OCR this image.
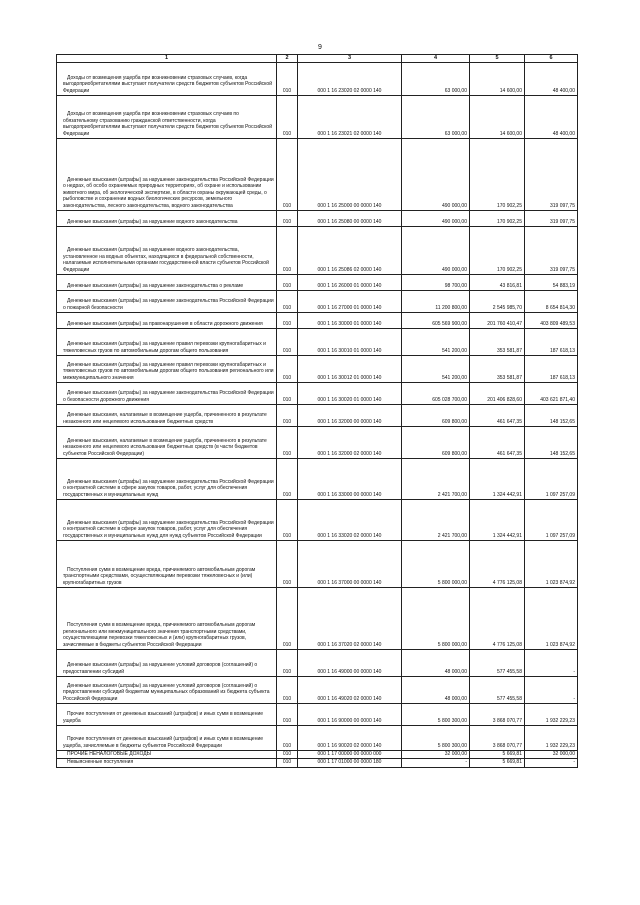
9
1	2	3	4	5	6

Доходы от возмещения ущерба при возникновении страховых случаев, когда выгодоприобретателями выступают получатели средств бюджетов субъектов Российской Федерации	010	000 1 16 23020 02 0000 140	63 000,00	14 600,00	48 400,00

Доходы от возмещения ущерба при возникновении страховых случаев по обязательному страхованию гражданской ответственности, когда выгодоприобретателями выступают получатели средств бюджетов субъектов Российской Федерации	010	000 1 16 23021 02 0000 140	63 000,00	14 600,00	48 400,00

Денежные взыскания (штрафы) за нарушение законодательства Российской Федерации о недрах, об особо охраняемых природных территориях, об охране и использовании животного мира, об экологической экспертизе, в области охраны окружающей среды, о рыболовстве и сохранении водных биологических ресурсов, земельного законодательства, лесного законодательства, водного законодательства	010	000 1 16 25000 00 0000 140	490 000,00	170 902,25	319 097,75

Денежные взыскания (штрафы) за нарушение водного законодательства	010	000 1 16 25080 00 0000 140	490 000,00	170 902,25	319 097,75

Денежные взыскания (штрафы) за нарушение водного законодательства, установленное на водных объектах, находящихся в федеральной собственности, налагаемые исполнительными органами государственной власти субъектов Российской Федерации	010	000 1 16 25086 02 0000 140	490 000,00	170 902,25	319 097,75

Денежные взыскания (штрафы) за нарушение законодательства о рекламе	010	000 1 16 26000 01 0000 140	98 700,00	43 816,81	54 883,19

Денежные взыскания (штрафы) за нарушение законодательства Российской Федерации о пожарной безопасности	010	000 1 16 27000 01 0000 140	11 200 800,00	2 545 985,70	8 654 814,30

Денежные взыскания (штрафы) за правонарушения в области дорожного движения	010	000 1 16 30000 01 0000 140	605 569 900,00	201 760 410,47	403 809 489,53

Денежные взыскания (штрафы) за нарушение правил перевозки крупногабаритных и тяжеловесных грузов по автомобильным дорогам общего пользования	010	000 1 16 30010 01 0000 140	541 200,00	353 581,87	187 618,13

Денежные взыскания (штрафы) за нарушение правил перевозки крупногабаритных и тяжеловесных грузов по автомобильным дорогам общего пользования регионального или межмуниципального значения	010	000 1 16 30012 01 0000 140	541 200,00	353 581,87	187 618,13

Денежные взыскания (штрафы) за нарушение законодательства Российской Федерации о безопасности дорожного движения	010	000 1 16 30020 01 0000 140	605 028 700,00	201 406 828,60	403 621 871,40

Денежные взыскания, налагаемые в возмещение ущерба, причиненного в результате незаконного или нецелевого использования бюджетных средств	010	000 1 16 32000 00 0000 140	609 800,00	461 647,35	148 152,65

Денежные взыскания, налагаемые в возмещение ущерба, причиненного в результате незаконного или нецелевого использования бюджетных средств (в части бюджетов субъектов Российской Федерации)	010	000 1 16 32000 02 0000 140	609 800,00	461 647,35	148 152,65

Денежные взыскания (штрафы) за нарушение законодательства Российской Федерации о контрактной системе в сфере закупок товаров, работ, услуг для обеспечения государственных и муниципальных нужд	010	000 1 16 33000 00 0000 140	2 421 700,00	1 324 442,91	1 097 257,09

Денежные взыскания (штрафы) за нарушение законодательства Российской Федерации о контрактной системе в сфере закупок товаров, работ, услуг для обеспечения государственных и муниципальных нужд для нужд субъектов Российской Федерации	010	000 1 16 33020 02 0000 140	2 421 700,00	1 324 442,91	1 097 257,09

Поступления сумм в возмещение вреда, причиняемого автомобильным дорогам транспортными средствами, осуществляющими перевозки тяжеловесных и (или) крупногабаритных грузов	010	000 1 16 37000 00 0000 140	5 800 000,00	4 776 125,08	1 023 874,92

Поступления сумм в возмещение вреда, причиняемого автомобильным дорогам регионального или межмуниципального значения транспортными средствами, осуществляющими перевозки тяжеловесных и (или) крупногабаритных грузов, зачисляемые в бюджеты субъектов Российской Федерации	010	000 1 16 37020 02 0000 140	5 800 000,00	4 776 125,08	1 023 874,92

Денежные взыскания (штрафы) за нарушение условий договоров (соглашений) о предоставлении субсидий	010	000 1 16 49000 00 0000 140	48 000,00	577 455,58	-

Денежные взыскания (штрафы) за нарушение условий договоров (соглашений) о предоставлении субсидий бюджетам муниципальных образований из бюджета субъекта Российской Федерации	010	000 1 16 49020 02 0000 140	48 000,00	577 455,58	-

Прочие поступления от денежных взысканий (штрафов) и иных сумм в возмещение ущерба	010	000 1 16 90000 00 0000 140	5 800 300,00	3 868 070,77	1 932 229,23

Прочие поступления от денежных взысканий (штрафов) и иных сумм в возмещение ущерба, зачисляемые в бюджеты субъектов Российской Федерации	010	000 1 16 90020 02 0000 140	5 800 300,00	3 868 070,77	1 932 229,23

ПРОЧИЕ НЕНАЛОГОВЫЕ ДОХОДЫ	010	000 1 17 00000 00 0000 000	32 000,00	5 669,81	32 000,00

Невыясненные поступления	010	000 1 17 01000 00 0000 180	-	5 669,81	-
